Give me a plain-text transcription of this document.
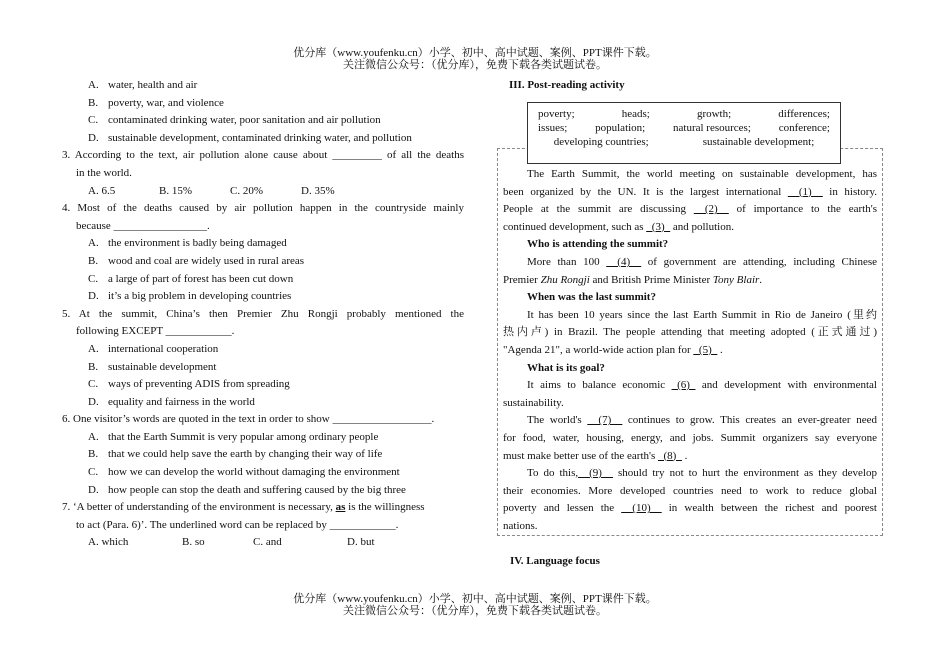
优分库（www.youfenku.cn）小学、初中、高中试题、案例、PPT课件下载。
关注微信公众号：（优分库），免费下载各类试题试卷。
A. water, health and air
B. poverty, war, and violence
C. contaminated drinking water, poor sanitation and air pollution
D. sustainable development, contaminated drinking water, and pollution
3. According to the text, air pollution alone cause about _________ of all the deaths
in the world.
A. 6.5	B. 15%	C. 20%	D. 35%
4. Most of the deaths caused by air pollution happen in the countryside mainly
because _________________.
A. the environment is badly being damaged
B. wood and coal are widely used in rural areas
C. a large of part of forest has been cut down
D. it’s a big problem in developing countries
5. At the summit, China’s then Premier Zhu Rongji probably mentioned the
following EXCEPT ____________.
A. international cooperation
B. sustainable development
C. ways of preventing ADIS from spreading
D. equality and fairness in the world
6. One visitor’s words are quoted in the text in order to show __________________.
A. that the Earth Summit is very popular among ordinary people
B. that we could help save the earth by changing their way of life
C. how we can develop the world without damaging the environment
D. how people can stop the death and suffering caused by the big three
7. ‘A better of understanding of the environment is necessary, as is the willingness
to act (Para. 6)’. The underlined word can be replaced by ____________.
A. which	B. so	C. and	D. but
III. Post-reading activity
poverty;	heads;	growth;	differences;
issues;	population;	natural resources;	conference;
developing countries;	sustainable development;
The Earth Summit, the world meeting on sustainable development, has
been organized by the UN. It is the largest international __(1)__ in history.
People at the summit are discussing __(2)__ of importance to the earth's
continued development, such as _(3)_ and pollution.
Who is attending the summit?
More than 100 __(4)__ of government are attending, including Chinese
Premier Zhu Rongji and British Prime Minister Tony Blair.
When was the last summit?
It has been 10 years since the last Earth Summit in Rio de Janeiro (里约
热内卢) in Brazil. The people attending that meeting adopted (正式通过)
"Agenda 21", a world-wide action plan for _(5)_ .
What is its goal?
It aims to balance economic _(6)_ and development with environmental
sustainability.
The world's __(7)__ continues to grow. This creates an ever-greater need
for food, water, housing, energy, and jobs. Summit organizers say everyone
must make better use of the earth's _(8)_ .
To do this,__(9)__ should try not to hurt the environment as they develop
their economies. More developed countries need to work to reduce global
poverty and lessen the __(10)__ in wealth between the richest and poorest
nations.
IV. Language focus
优分库（www.youfenku.cn）小学、初中、高中试题、案例、PPT课件下载。
关注微信公众号：（优分库），免费下载各类试题试卷。
